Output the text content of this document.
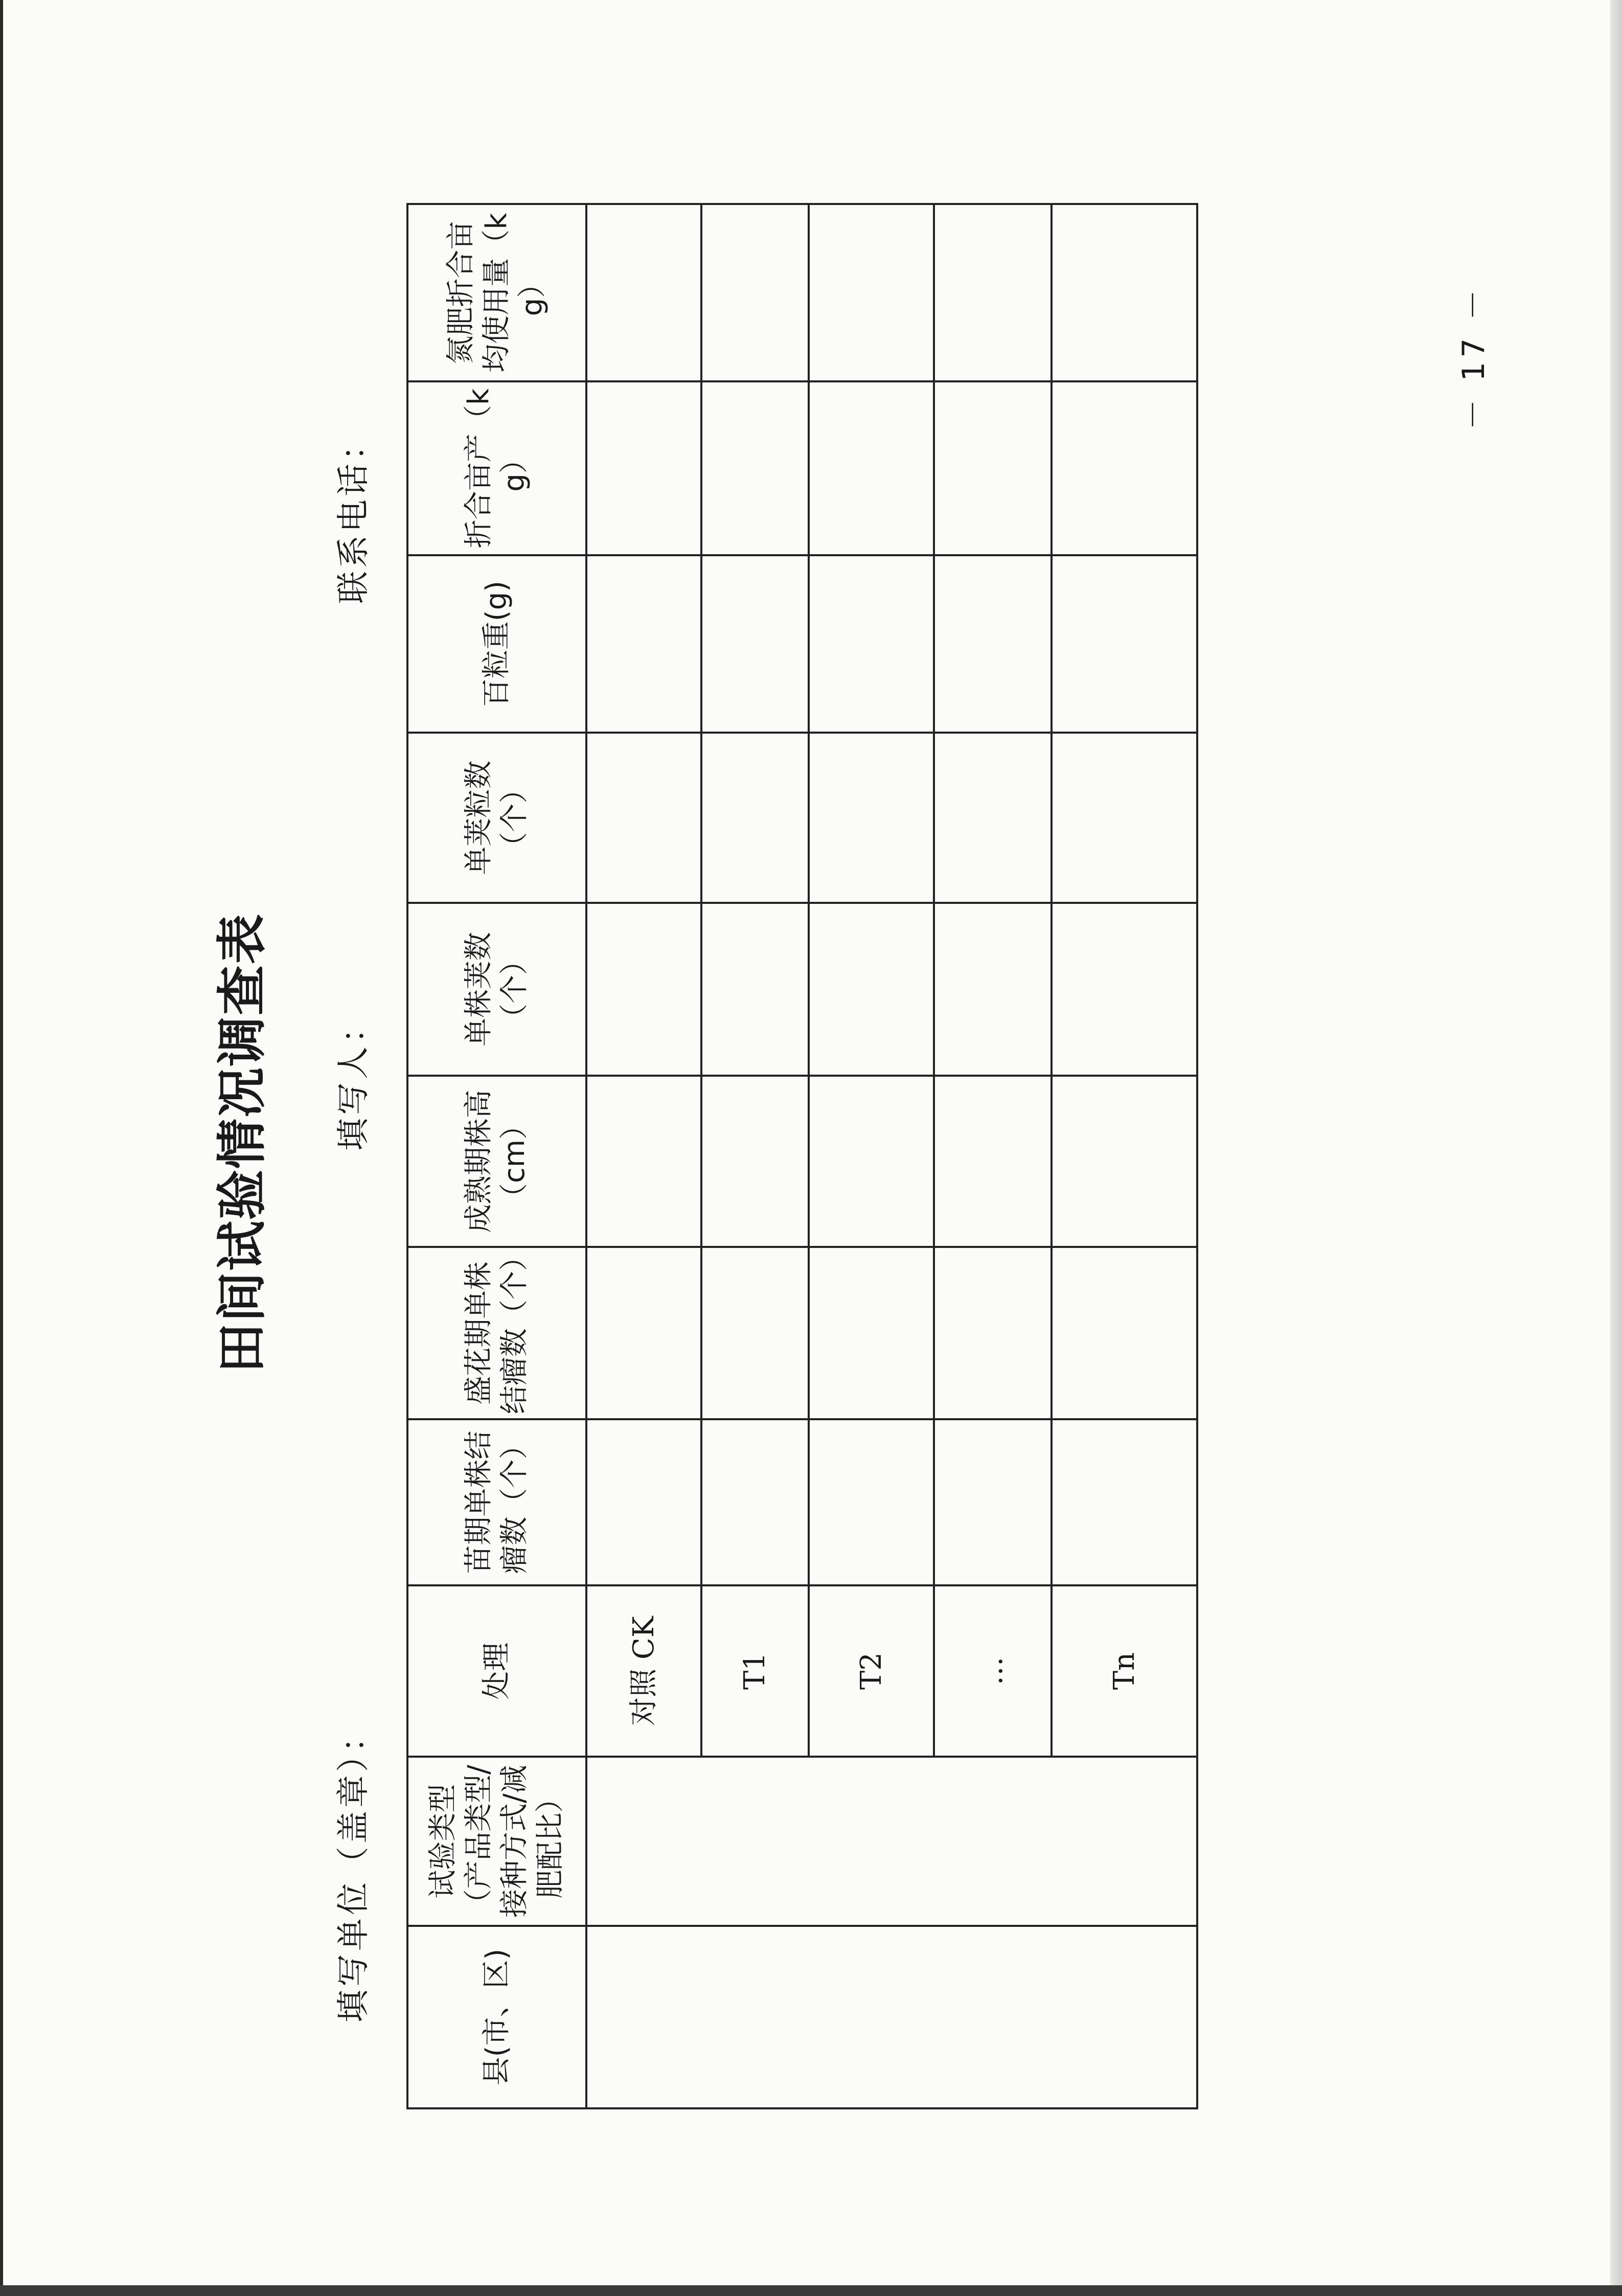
田间试验情况调查表
填写单位（盖章）：
填写人：
联系电话：
县(市、区)	试验类型（产品类型/接种方式/减肥配比）	处理	苗期单株结瘤数（个）	盛花期单株结瘤数（个）	成熟期株高（cm）	单株荚数（个）	单荚粒数（个）	百粒重(g)	折合亩产（kg）	氮肥折合亩均使用量（kg）
		对照 CK								
		T1								
		T2								
		…								
		Tn								
－ 17 －
